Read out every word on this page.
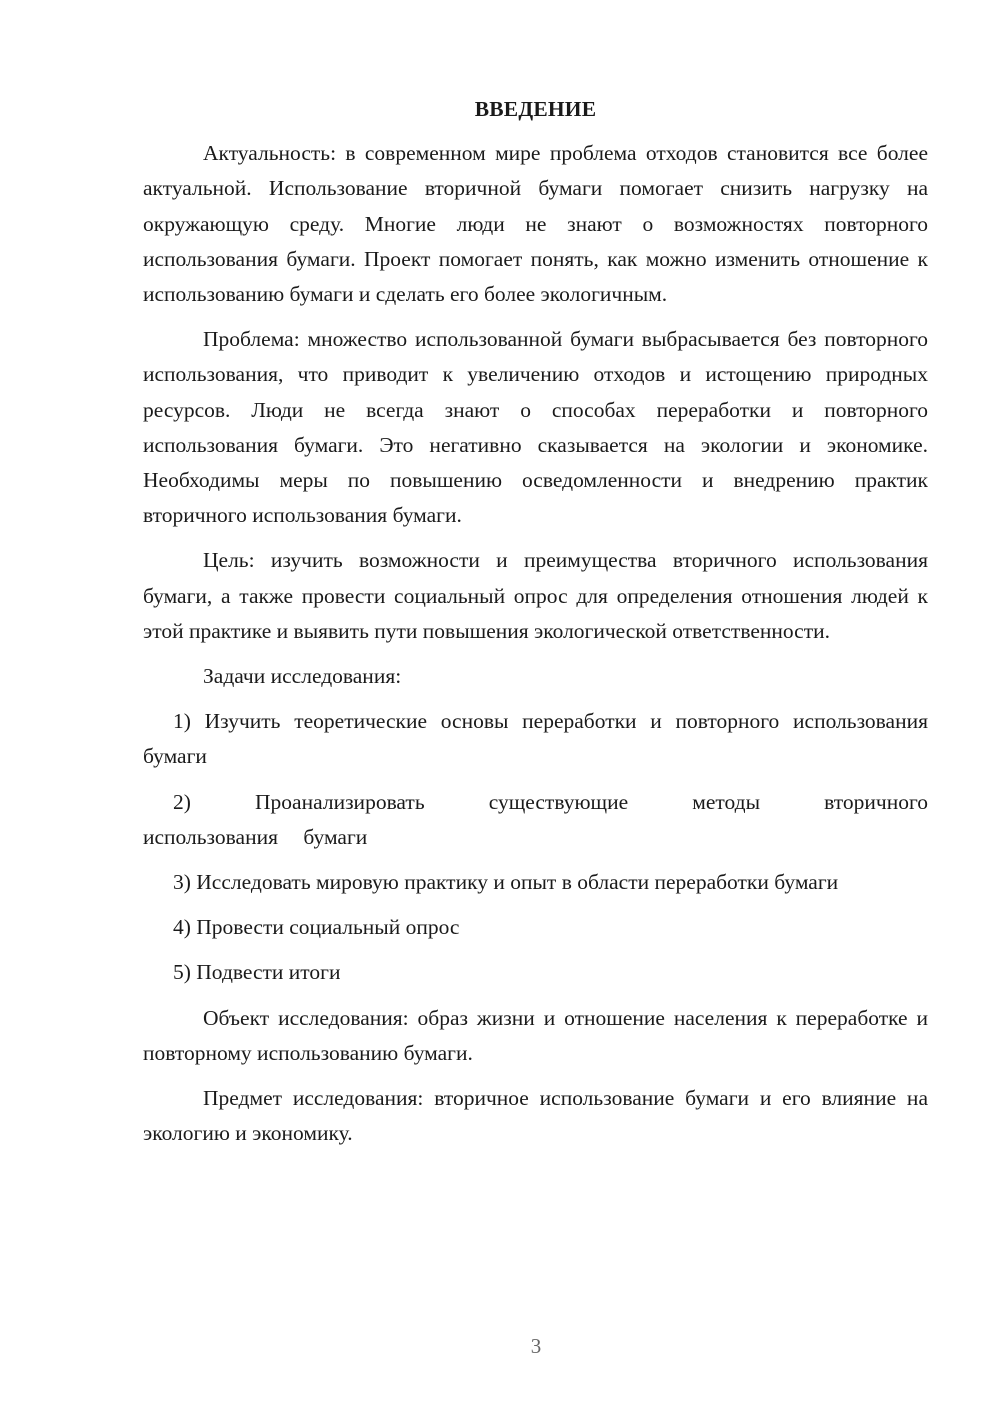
ВВЕДЕНИЕ

Актуальность: в современном мире проблема отходов становится все более актуальной. Использование вторичной бумаги помогает снизить нагрузку на окружающую среду. Многие люди не знают о возможностях повторного использования бумаги. Проект помогает понять, как можно изменить отношение к использованию бумаги и сделать его более экологичным.

Проблема: множество использованной бумаги выбрасывается без повторного использования, что приводит к увеличению отходов и истощению природных ресурсов. Люди не всегда знают о способах переработки и повторного использования бумаги. Это негативно сказывается на экологии и экономике. Необходимы меры по повышению осведомленности и внедрению практик вторичного использования бумаги.

Цель: изучить возможности и преимущества вторичного использования бумаги, а также провести социальный опрос для определения отношения людей к этой практике и выявить пути повышения экологической ответственности.

Задачи исследования:

1) Изучить теоретические основы переработки и повторного использования бумаги

2) Проанализировать существующие методы вторичного использования бумаги

3) Исследовать мировую практику и опыт в области переработки бумаги

4) Провести социальный опрос

5) Подвести итоги

Объект исследования: образ жизни и отношение населения к переработке и повторному использованию бумаги.

Предмет исследования: вторичное использование бумаги и его влияние на экологию и экономику.

3
